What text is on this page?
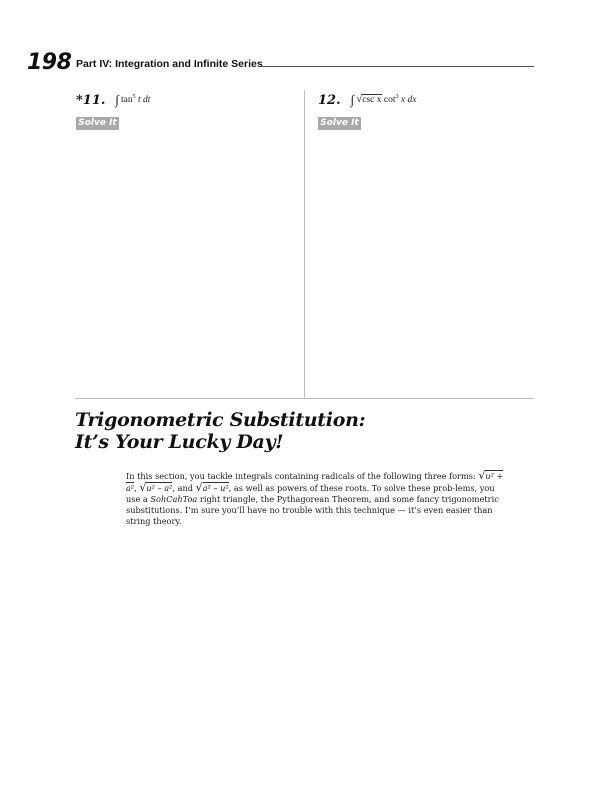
198 Part IV: Integration and Infinite Series
*11. ∫ $\tan^5 t$ dt	12. ∫ √csc x $\cot^3 x$ dx
Solve It	Solve It
Trigonometric Substitution:
It’s Your Lucky Day!

In this section, you tackle integrals containing radicals of the following three forms: √u² + a², √u² – a², and √a² – u², as well as powers of these roots. To solve these prob-lems, you use a SohCahToa right triangle, the Pythagorean Theorem, and some fancy trigonometric substitutions. I’m sure you’ll have no trouble with this technique — it’s even easier than string theory.
